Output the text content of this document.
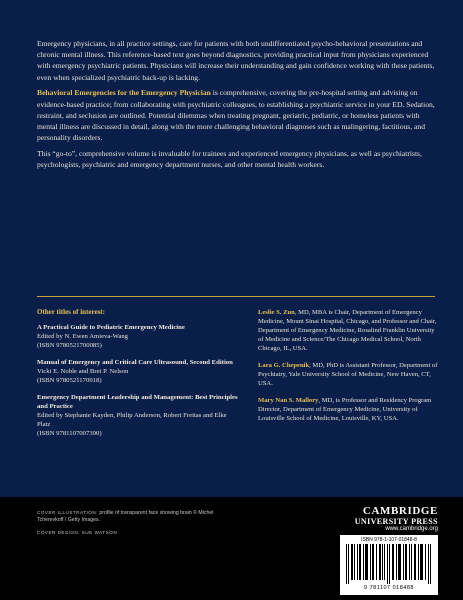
Emergency physicians, in all practice settings, care for patients with both undifferentiated psycho-behavioral presentations and chronic mental illness. This reference-based text goes beyond diagnostics, providing practical input from physicians experienced with emergency psychiatric patients. Physicians will increase their understanding and gain confidence working with these patients, even when specialized psychiatric back-up is lacking.

Behavioral Emergencies for the Emergency Physician is comprehensive, covering the pre-hospital setting and advising on evidence-based practice; from collaborating with psychiatric colleagues, to establishing a psychiatric service in your ED. Sedation, restraint, and seclusion are outlined. Potential dilemmas when treating pregnant, geriatric, pediatric, or homeless patients with mental illness are discussed in detail, along with the more challenging behavioral diagnoses such as malingering, factitious, and personality disorders.

This “go-to”, comprehensive volume is invaluable for trainees and experienced emergency physicians, as well as psychiatrists, psychologists, psychiatric and emergency department nurses, and other mental health workers.

Other titles of interest:
A Practical Guide to Pediatric Emergency Medicine
Edited by N. Ewen Amieva-Wang
(ISBN 9780521700085)
Manual of Emergency and Critical Care Ultrasound, Second Edition
Vicki E. Noble and Bret P. Nelson
(ISBN 9780521170918)
Emergency Department Leadership and Management: Best Principles and Practice
Edited by Stephanie Kayden, Philip Anderson, Robert Freitas and Elke Platz
(ISBN 9781107007390)
Leslie S. Zun, MD, MBA is Chair, Department of Emergency Medicine, Mount Sinai Hospital, Chicago, and Professor and Chair, Department of Emergency Medicine, Rosalind Franklin University of Medicine and Science/The Chicago Medical School, North Chicago, IL, USA.
Lara G. Chepenik, MD, PhD is Assistant Professor, Department of Psychiatry, Yale University School of Medicine, New Haven, CT, USA.
Mary Nan S. Mallory, MD, is Professor and Residency Program Director, Department of Emergency Medicine, University of Louisville School of Medicine, Louisville, KY, USA.
COVER ILLUSTRATION: profile of transparent face showing brain © Michel Tcherevkoff / Getty Images.
COVER DESIGN: SUE WATSON
CAMBRIDGE
UNIVERSITY PRESS
www.cambridge.org
ISBN 978-1-107-01848-8
9 781107 018488
